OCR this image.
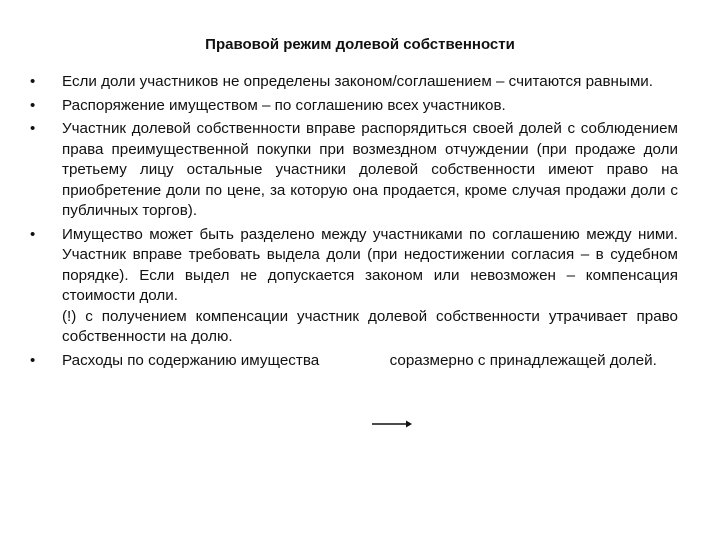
Правовой режим долевой собственности
•	Если доли участников не определены законом/соглашением – считаются равными.
•	Распоряжение имуществом – по соглашению всех участников.
•	Участник долевой собственности вправе распорядиться своей долей с соблюдением права преимущественной покупки при возмездном отчуждении (при продаже доли третьему лицу остальные участники долевой собственности имеют право на приобретение доли по цене, за которую она продается, кроме случая продажи доли с публичных торгов).
•	Имущество может быть разделено между участниками по соглашению между ними. Участник вправе требовать выдела доли (при недостижении согласия – в судебном порядке). Если выдел не допускается законом или невозможен – компенсация стоимости доли.
(!) с получением компенсации участник долевой собственности утрачивает право собственности на долю.
•	Расходы по содержанию имущества	соразмерно с принадлежащей долей.
